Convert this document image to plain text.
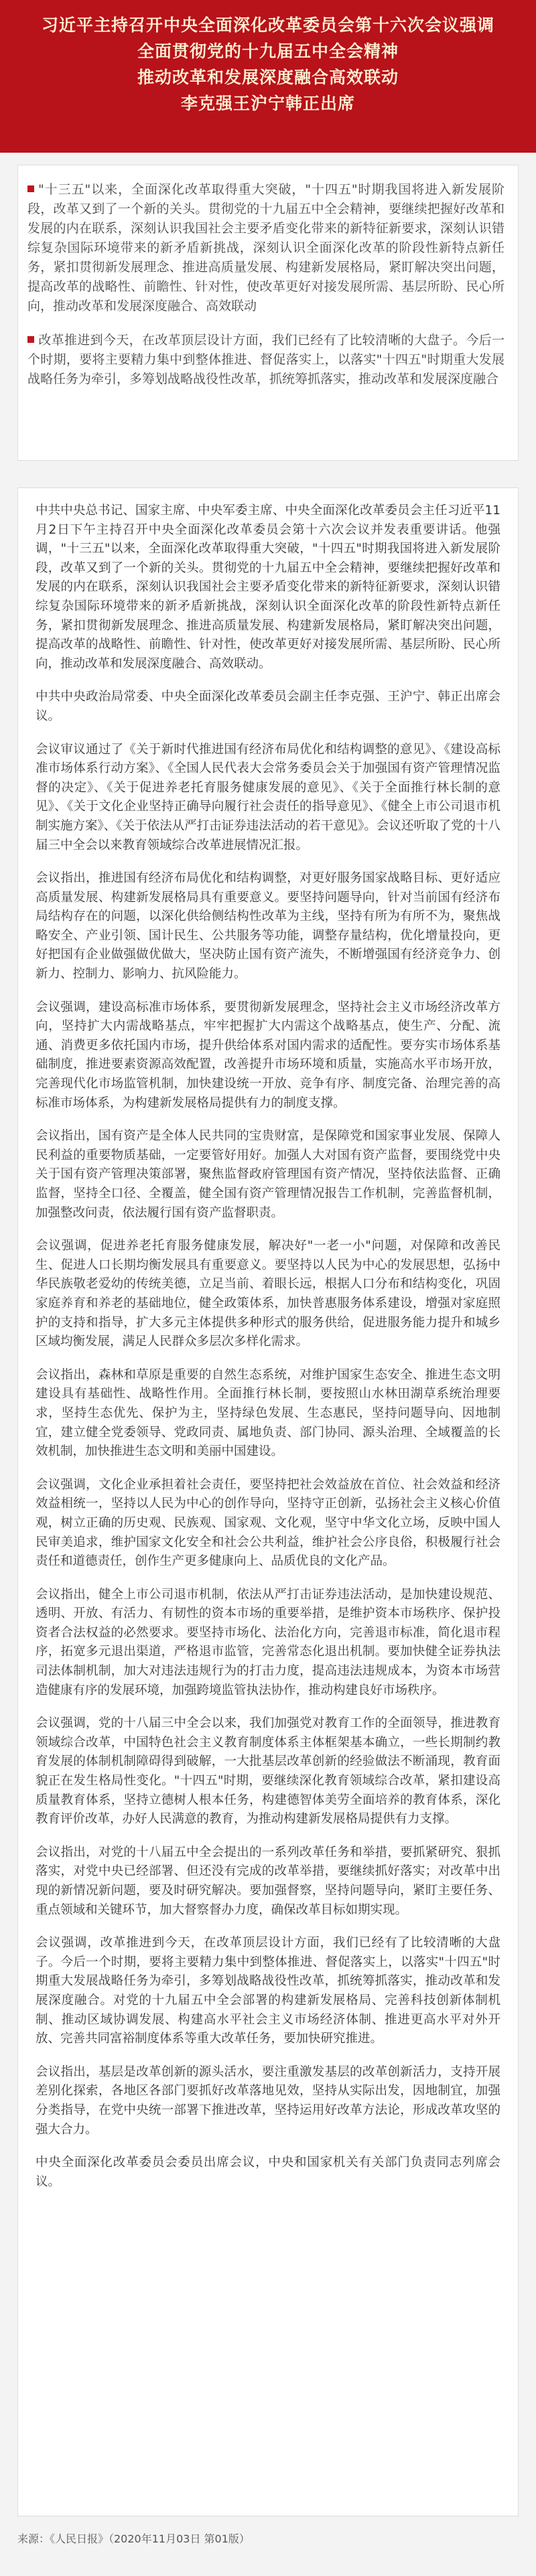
习近平主持召开中央全面深化改革委员会第十六次会议强调
全面贯彻党的十九届五中全会精神
推动改革和发展深度融合高效联动
李克强王沪宁韩正出席

"十三五"以来，全面深化改革取得重大突破，"十四五"时期我国将进入新发展阶段，改革又到了一个新的关头。贯彻党的十九届五中全会精神，要继续把握好改革和发展的内在联系，深刻认识我国社会主要矛盾变化带来的新特征新要求，深刻认识错综复杂国际环境带来的新矛盾新挑战，深刻认识全面深化改革的阶段性新特点新任务，紧扣贯彻新发展理念、推进高质量发展、构建新发展格局，紧盯解决突出问题，提高改革的战略性、前瞻性、针对性，使改革更好对接发展所需、基层所盼、民心所向，推动改革和发展深度融合、高效联动

改革推进到今天，在改革顶层设计方面，我们已经有了比较清晰的大盘子。今后一个时期，要将主要精力集中到整体推进、督促落实上，以落实"十四五"时期重大发展战略任务为牵引，多筹划战略战役性改革，抓统筹抓落实，推动改革和发展深度融合

中共中央总书记、国家主席、中央军委主席、中央全面深化改革委员会主任习近平11月2日下午主持召开中央全面深化改革委员会第十六次会议并发表重要讲话。他强调，"十三五"以来，全面深化改革取得重大突破，"十四五"时期我国将进入新发展阶段，改革又到了一个新的关头。贯彻党的十九届五中全会精神，要继续把握好改革和发展的内在联系，深刻认识我国社会主要矛盾变化带来的新特征新要求，深刻认识错综复杂国际环境带来的新矛盾新挑战，深刻认识全面深化改革的阶段性新特点新任务，紧扣贯彻新发展理念、推进高质量发展、构建新发展格局，紧盯解决突出问题，提高改革的战略性、前瞻性、针对性，使改革更好对接发展所需、基层所盼、民心所向，推动改革和发展深度融合、高效联动。

中共中央政治局常委、中央全面深化改革委员会副主任李克强、王沪宁、韩正出席会议。

会议审议通过了《关于新时代推进国有经济布局优化和结构调整的意见》、《建设高标准市场体系行动方案》、《全国人民代表大会常务委员会关于加强国有资产管理情况监督的决定》、《关于促进养老托育服务健康发展的意见》、《关于全面推行林长制的意见》、《关于文化企业坚持正确导向履行社会责任的指导意见》、《健全上市公司退市机制实施方案》、《关于依法从严打击证券违法活动的若干意见》。会议还听取了党的十八届三中全会以来教育领域综合改革进展情况汇报。

会议指出，推进国有经济布局优化和结构调整，对更好服务国家战略目标、更好适应高质量发展、构建新发展格局具有重要意义。要坚持问题导向，针对当前国有经济布局结构存在的问题，以深化供给侧结构性改革为主线，坚持有所为有所不为，聚焦战略安全、产业引领、国计民生、公共服务等功能，调整存量结构，优化增量投向，更好把国有企业做强做优做大，坚决防止国有资产流失，不断增强国有经济竞争力、创新力、控制力、影响力、抗风险能力。

会议强调，建设高标准市场体系，要贯彻新发展理念，坚持社会主义市场经济改革方向，坚持扩大内需战略基点，牢牢把握扩大内需这个战略基点，使生产、分配、流通、消费更多依托国内市场，提升供给体系对国内需求的适配性。要夯实市场体系基础制度，推进要素资源高效配置，改善提升市场环境和质量，实施高水平市场开放，完善现代化市场监管机制，加快建设统一开放、竞争有序、制度完备、治理完善的高标准市场体系，为构建新发展格局提供有力的制度支撑。

会议指出，国有资产是全体人民共同的宝贵财富，是保障党和国家事业发展、保障人民利益的重要物质基础，一定要管好用好。加强人大对国有资产监督，要围绕党中央关于国有资产管理决策部署，聚焦监督政府管理国有资产情况，坚持依法监督、正确监督，坚持全口径、全覆盖，健全国有资产管理情况报告工作机制，完善监督机制，加强整改问责，依法履行国有资产监督职责。

会议强调，促进养老托育服务健康发展，解决好"一老一小"问题，对保障和改善民生、促进人口长期均衡发展具有重要意义。要坚持以人民为中心的发展思想，弘扬中华民族敬老爱幼的传统美德，立足当前、着眼长远，根据人口分布和结构变化，巩固家庭养育和养老的基础地位，健全政策体系，加快普惠服务体系建设，增强对家庭照护的支持和指导，扩大多元主体提供多种形式的服务供给，促进服务能力提升和城乡区域均衡发展，满足人民群众多层次多样化需求。

会议指出，森林和草原是重要的自然生态系统，对维护国家生态安全、推进生态文明建设具有基础性、战略性作用。全面推行林长制，要按照山水林田湖草系统治理要求，坚持生态优先、保护为主，坚持绿色发展、生态惠民，坚持问题导向、因地制宜，建立健全党委领导、党政同责、属地负责、部门协同、源头治理、全域覆盖的长效机制，加快推进生态文明和美丽中国建设。

会议强调，文化企业承担着社会责任，要坚持把社会效益放在首位、社会效益和经济效益相统一，坚持以人民为中心的创作导向，坚持守正创新，弘扬社会主义核心价值观，树立正确的历史观、民族观、国家观、文化观，坚守中华文化立场，反映中国人民审美追求，维护国家文化安全和社会公共利益，维护社会公序良俗，积极履行社会责任和道德责任，创作生产更多健康向上、品质优良的文化产品。

会议指出，健全上市公司退市机制，依法从严打击证券违法活动，是加快建设规范、透明、开放、有活力、有韧性的资本市场的重要举措，是维护资本市场秩序、保护投资者合法权益的必然要求。要坚持市场化、法治化方向，完善退市标准，简化退市程序，拓宽多元退出渠道，严格退市监管，完善常态化退出机制。要加快健全证券执法司法体制机制，加大对违法违规行为的打击力度，提高违法违规成本，为资本市场营造健康有序的发展环境，加强跨境监管执法协作，推动构建良好市场秩序。

会议强调，党的十八届三中全会以来，我们加强党对教育工作的全面领导，推进教育领域综合改革，中国特色社会主义教育制度体系主体框架基本确立，一些长期制约教育发展的体制机制障碍得到破解，一大批基层改革创新的经验做法不断涌现，教育面貌正在发生格局性变化。"十四五"时期，要继续深化教育领域综合改革，紧扣建设高质量教育体系，坚持立德树人根本任务，构建德智体美劳全面培养的教育体系，深化教育评价改革，办好人民满意的教育，为推动构建新发展格局提供有力支撑。

会议指出，对党的十八届五中全会提出的一系列改革任务和举措，要抓紧研究、狠抓落实，对党中央已经部署、但还没有完成的改革举措，要继续抓好落实；对改革中出现的新情况新问题，要及时研究解决。要加强督察，坚持问题导向，紧盯主要任务、重点领域和关键环节，加大督察督办力度，确保改革目标如期实现。

会议强调，改革推进到今天，在改革顶层设计方面，我们已经有了比较清晰的大盘子。今后一个时期，要将主要精力集中到整体推进、督促落实上，以落实"十四五"时期重大发展战略任务为牵引，多筹划战略战役性改革，抓统筹抓落实，推动改革和发展深度融合。对党的十九届五中全会部署的构建新发展格局、完善科技创新体制机制、推动区域协调发展、构建高水平社会主义市场经济体制、推进更高水平对外开放、完善共同富裕制度体系等重大改革任务，要加快研究推进。

会议指出，基层是改革创新的源头活水，要注重激发基层的改革创新活力，支持开展差别化探索，各地区各部门要抓好改革落地见效，坚持从实际出发，因地制宜，加强分类指导，在党中央统一部署下推进改革，坚持运用好改革方法论，形成改革攻坚的强大合力。

中央全面深化改革委员会委员出席会议，中央和国家机关有关部门负责同志列席会议。

来源：《人民日报》（2020年11月03日 第01版）
